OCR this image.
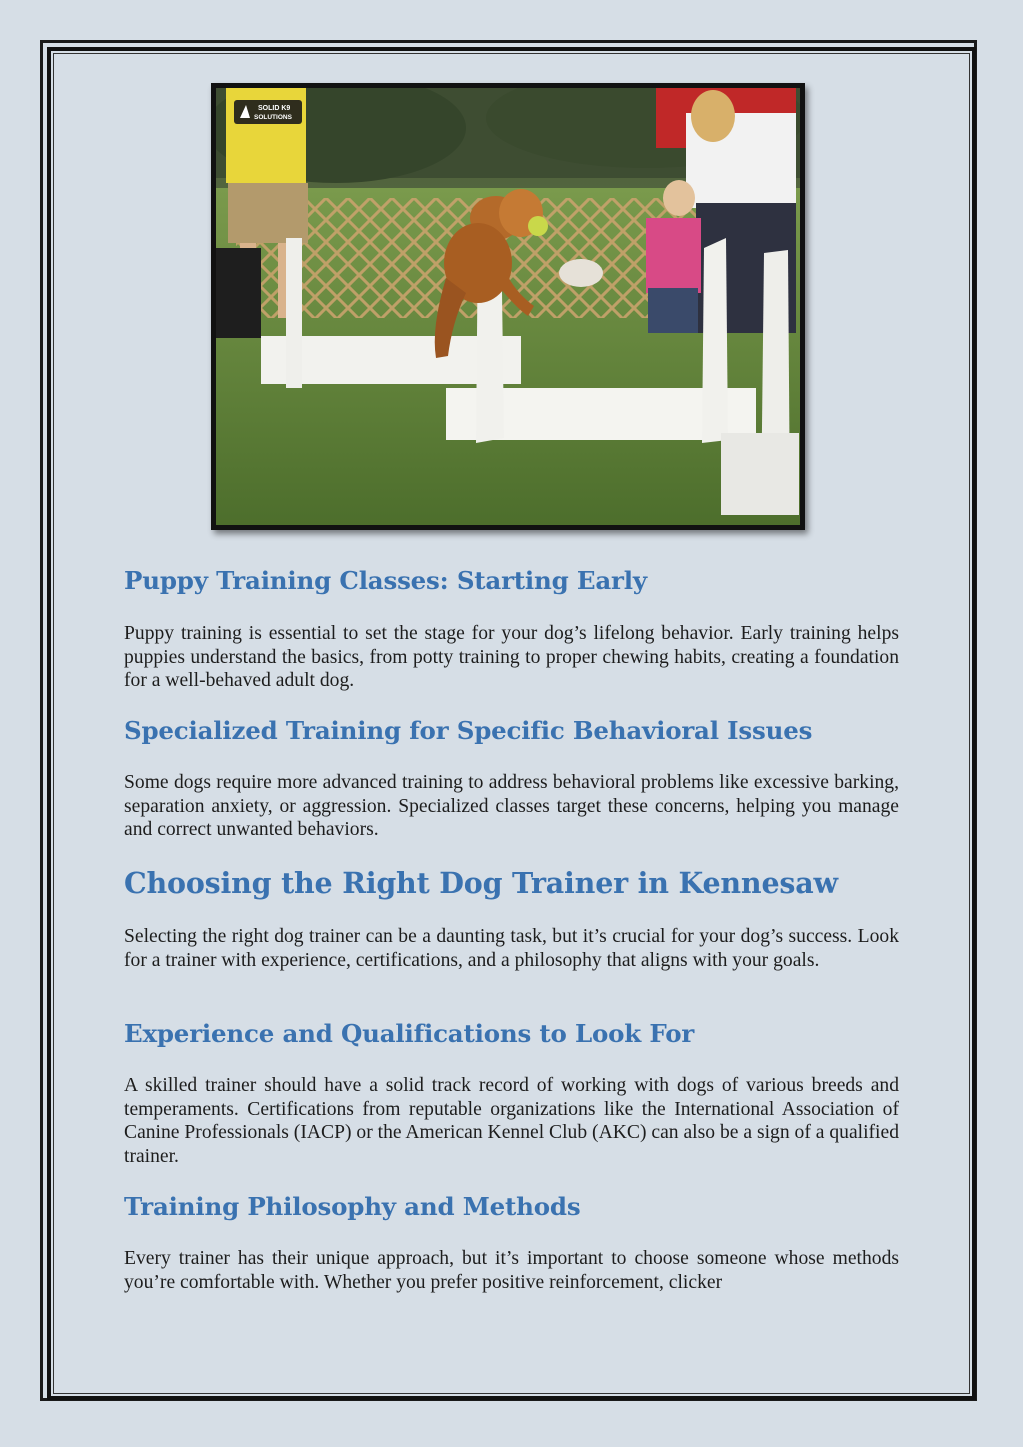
SOLID K9
SOLUTIONS
Puppy Training Classes: Starting Early

Puppy training is essential to set the stage for your dog’s lifelong behavior. Early training helps puppies understand the basics, from potty training to proper chewing habits, creating a foundation for a well-behaved adult dog.

Specialized Training for Specific Behavioral Issues

Some dogs require more advanced training to address behavioral problems like excessive barking, separation anxiety, or aggression. Specialized classes target these concerns, helping you manage and correct unwanted behaviors.

Choosing the Right Dog Trainer in Kennesaw

Selecting the right dog trainer can be a daunting task, but it’s crucial for your dog’s success. Look for a trainer with experience, certifications, and a philosophy that aligns with your goals.

Experience and Qualifications to Look For

A skilled trainer should have a solid track record of working with dogs of various breeds and temperaments. Certifications from reputable organizations like the International Association of Canine Professionals (IACP) or the American Kennel Club (AKC) can also be a sign of a qualified trainer.

Training Philosophy and Methods

Every trainer has their unique approach, but it’s important to choose someone whose methods you’re comfortable with. Whether you prefer positive reinforcement, clicker
